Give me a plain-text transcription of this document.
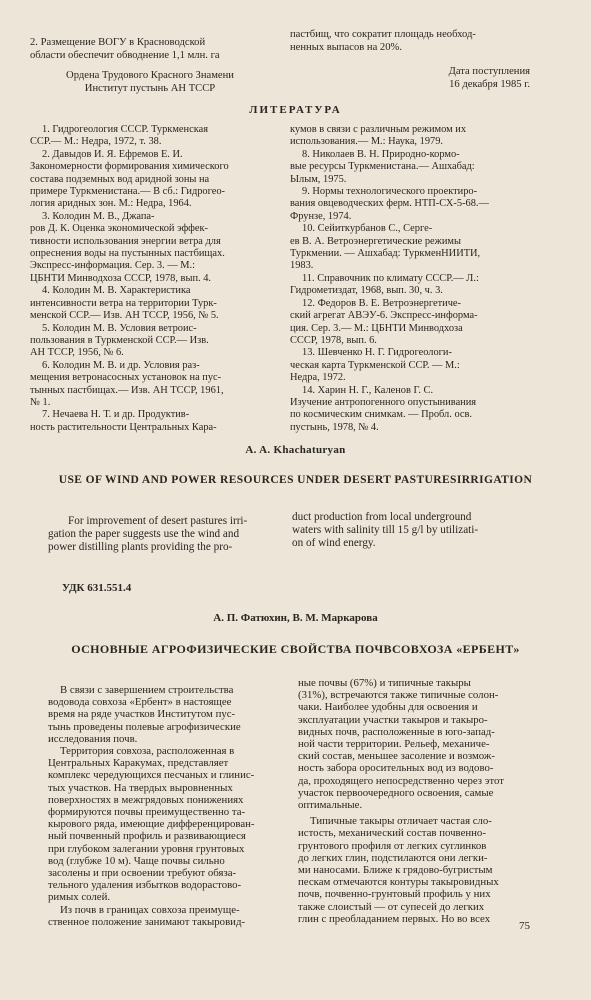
2. Размещение ВОГУ в Красноводской
области обеспечит обводнение 1,1 млн. га
Ордена Трудового Красного Знамени
Институт пустынь АН ТССР
пастбищ, что сократит площадь необход-
ненных выпасов на 20%.
Дата поступления
16 декабря 1985 г.
ЛИТЕРАТУРА
1. Гидрогеология СССР. Туркменская
ССР.— М.: Недра, 1972, т. 38.
2. Давыдов И. Я. Ефремов Е. И.
Закономерности формирования химического
состава подземных вод аридной зоны на
примере Туркменистана.— В сб.: Гидрогео-
логия аридных зон. М.: Недра, 1964.
3. Колодин М. В., Джапа-
ров Д. К. Оценка экономической эффек-
тивности использования энергии ветра для
опреснения воды на пустынных пастбищах.
Экспресс-информация. Сер. 3. — М.:
ЦБНТИ Минводхоза СССР, 1978, вып. 4.
4. Колодин М. В. Характеристика
интенсивности ветра на территории Турк-
менской ССР.— Изв. АН ТССР, 1956, № 5.
5. Колодин М. В. Условия ветроис-
пользования в Туркменской ССР.— Изв.
АН ТССР, 1956, № 6.
6. Колодин М. В. и др. Условия раз-
мещения ветронасосных установок на пус-
тынных пастбищах.— Изв. АН ТССР, 1961,
№ 1.
7. Нечаева Н. Т. и др. Продуктив-
ность растительности Центральных Кара-
кумов в связи с различным режимом их
использования.— М.: Наука, 1979.
8. Николаев В. Н. Природно-кормо-
вые ресурсы Туркменистана.— Ашхабад:
Ылым, 1975.
9. Нормы технологического проектиро-
вания овцеводческих ферм. НТП-СХ-5-68.—
Фрунзе, 1974.
10. Сейиткурбанов С., Серге-
ев В. А. Ветроэнергетические режимы
Туркмении. — Ашхабад: ТуркменНИИТИ,
1983.
11. Справочник по климату СССР.— Л.:
Гидрометиздат, 1968, вып. 30, ч. 3.
12. Федоров В. Е. Ветроэнергетиче-
ский агрегат АВЭУ-6. Экспресс-информа-
ция. Сер. 3.— М.: ЦБНТИ Минводхоза
СССР, 1978, вып. 6.
13. Шевченко Н. Г. Гидрогеологи-
ческая карта Туркменской ССР. — М.:
Недра, 1972.
14. Харин Н. Г., Каленов Г. С.
Изучение антропогенного опустынивания
по космическим снимкам. — Пробл. осв.
пустынь, 1978, № 4.
A. A. Khachaturyan
USE OF WIND AND POWER RESOURCES UNDER DESERT PASTURESIRRIGATION
For improvement of desert pastures irri-
gation the paper suggests use the wind and
power distilling plants providing the pro-
duct production from local underground
waters with salinity till 15 g/l by utilizati-
on of wind energy.
УДК 631.551.4
А. П. Фатюхин, В. М. Маркарова
ОСНОВНЫЕ АГРОФИЗИЧЕСКИЕ СВОЙСТВА ПОЧВСОВХОЗА «ЕРБЕНТ»
В связи с завершением строительства
водовода совхоза «Ербент» в настоящее
время на ряде участков Институтом пус-
тынь проведены полевые агрофизические
исследования почв.
Территория совхоза, расположенная в
Центральных Каракумах, представляет
комплекс чередующихся песчаных и глинис-
тых участков. На твердых выровненных
поверхностях в межгрядовых понижениях
формируются почвы преимущественно та-
кырового ряда, имеющие дифференцирован-
ный почвенный профиль и развивающиеся
при глубоком залегании уровня грунтовых
вод (глубже 10 м). Чаще почвы сильно
засолены и при освоении требуют обяза-
тельного удаления избытков водорастово-
римых солей.
Из почв в границах совхоза преимуще-
ственное положение занимают такыровид-
ные почвы (67%) и типичные такыры
(31%), встречаются также типичные солон-
чаки. Наиболее удобны для освоения и
эксплуатации участки такыров и такыро-
видных почв, расположенные в юго-запад-
ной части территории. Рельеф, механиче-
ский состав, меньшее засоление и возмож-
ность забора оросительных вод из водово-
да, проходящего непосредственно через этот
участок первоочередного освоения, самые
оптимальные.
Типичные такыры отличает частая сло-
истость, механический состав почвенно-
грунтового профиля от легких суглинков
до легких глин, подстилаются они легки-
ми наносами. Ближе к грядово-бугристым
пескам отмечаются контуры такыровидных
почв, почвенно-грунтовый профиль у них
также слоистый — от супесей до легких
глин с преобладанием первых. Но во всех
75
